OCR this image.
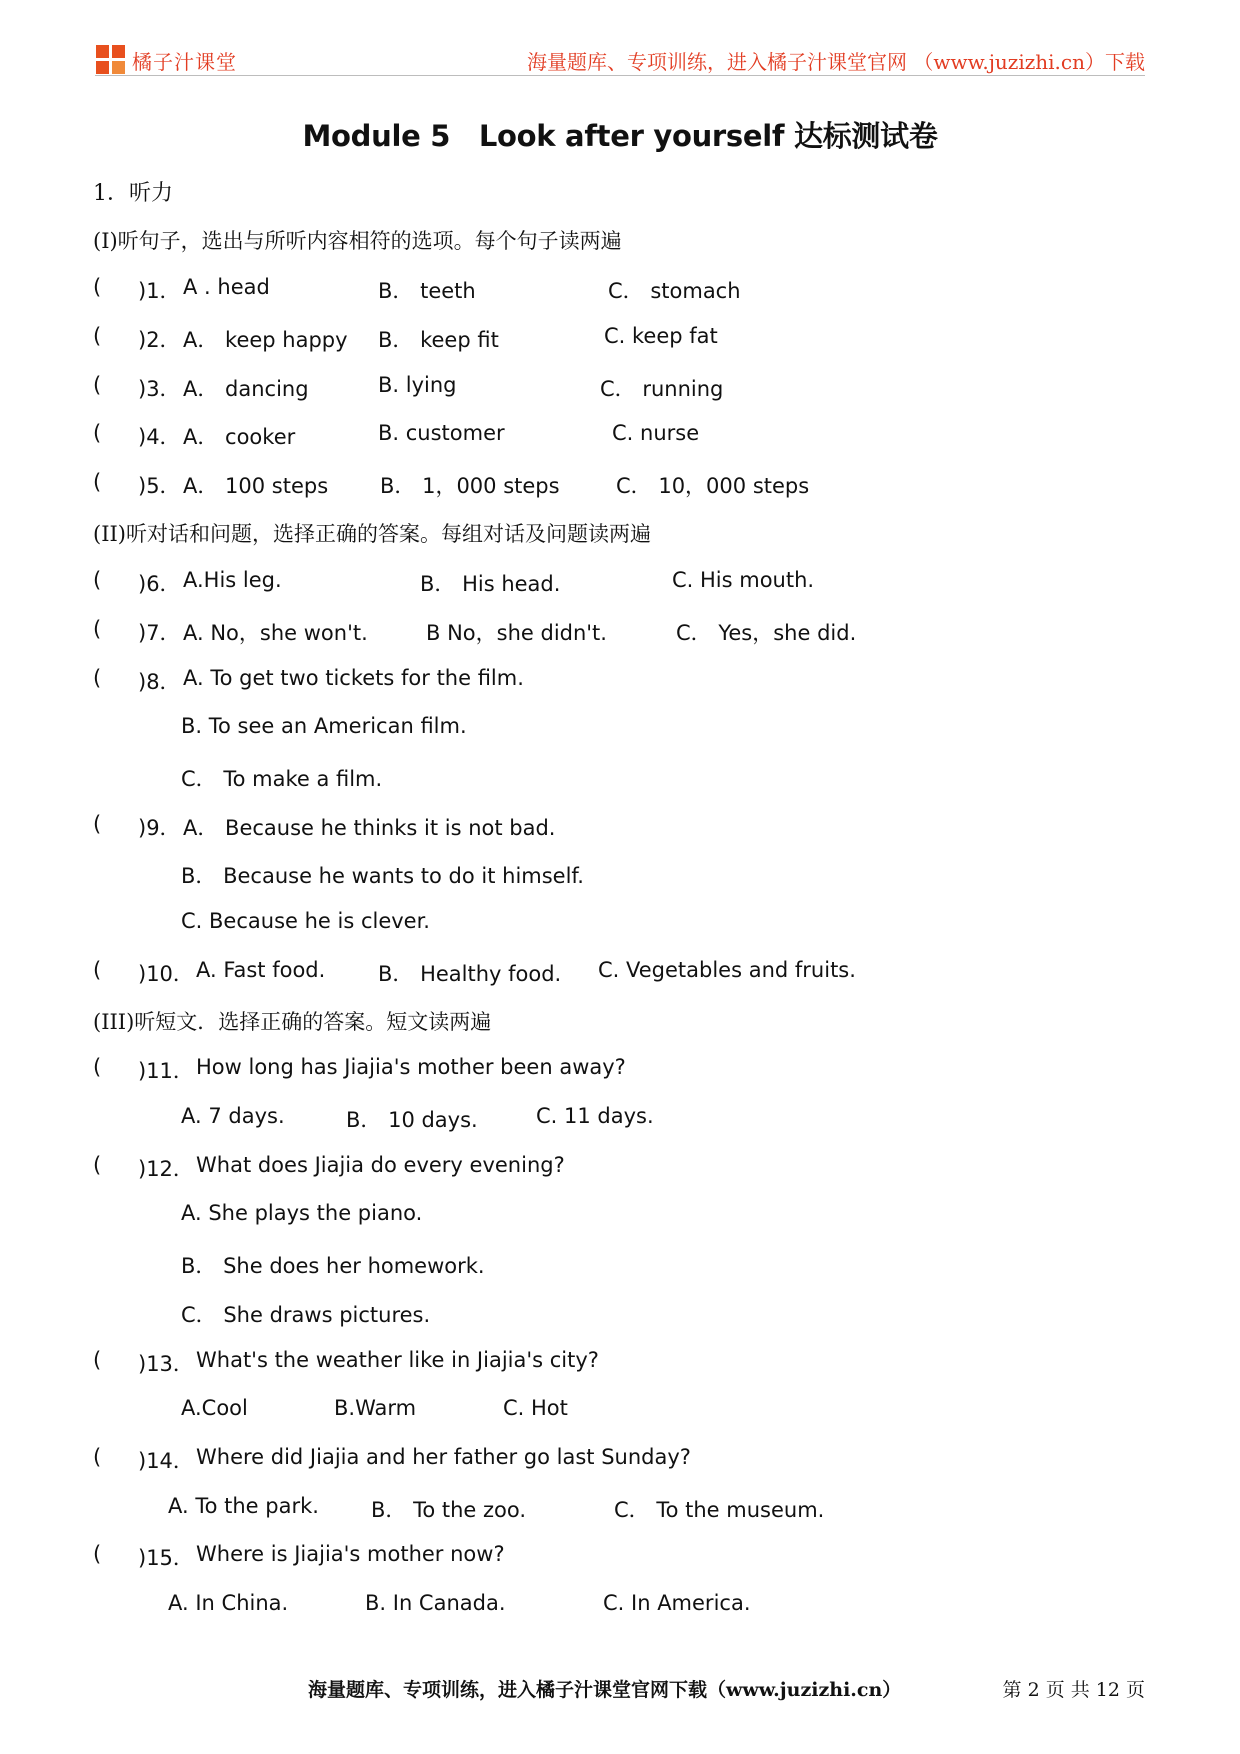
橘子汁课堂	海量题库、专项训练，进入橘子汁课堂官网 （www.juzizhi.cn）下载
Module 5　Look after yourself 达标测试卷
1．听力
(I)听句子，选出与所听内容相符的选项。每个句子读两遍
( )1． A . head	B． teeth	C． stomach
( )2． A． keep happy B． keep fit	C. keep fat
( )3． A． dancing	B. lying	C． running
( )4． A． cooker	B. customer	C. nurse
( )5． A． 100 steps B． 1，000 steps	C． 10，000 steps
(II)听对话和问题，选择正确的答案。每组对话及问题读两遍
( )6． A.His leg.	B． His head.	C. His mouth.
( )7． A. No，she won't.	B No，she didn't.	C． Yes，she did.
( )8． A. To get two tickets for the film.
B. To see an American film.
C． To make a film.
( )9． A． Because he thinks it is not bad.
B． Because he wants to do it himself.
C. Because he is clever.
( )10． A. Fast food.	B． Healthy food. C. Vegetables and fruits.
(III)听短文．选择正确的答案。短文读两遍
( )11． How long has Jiajia's mother been away?
A. 7 days.	B． 10 days.	C. 11 days.
( )12． What does Jiajia do every evening?
A. She plays the piano.
B． She does her homework.
C． She draws pictures.
( )13． What's the weather like in Jiajia's city?
A.Cool	B.Warm	C. Hot
( )14． Where did Jiajia and her father go last Sunday?
A. To the park. B． To the zoo.	C． To the museum.
( )15． Where is Jiajia's mother now?
A. In China.	B. In Canada.	C. In America.
海量题库、专项训练，进入橘子汁课堂官网下载（www.juzizhi.cn）	第 2 页 共 12 页
